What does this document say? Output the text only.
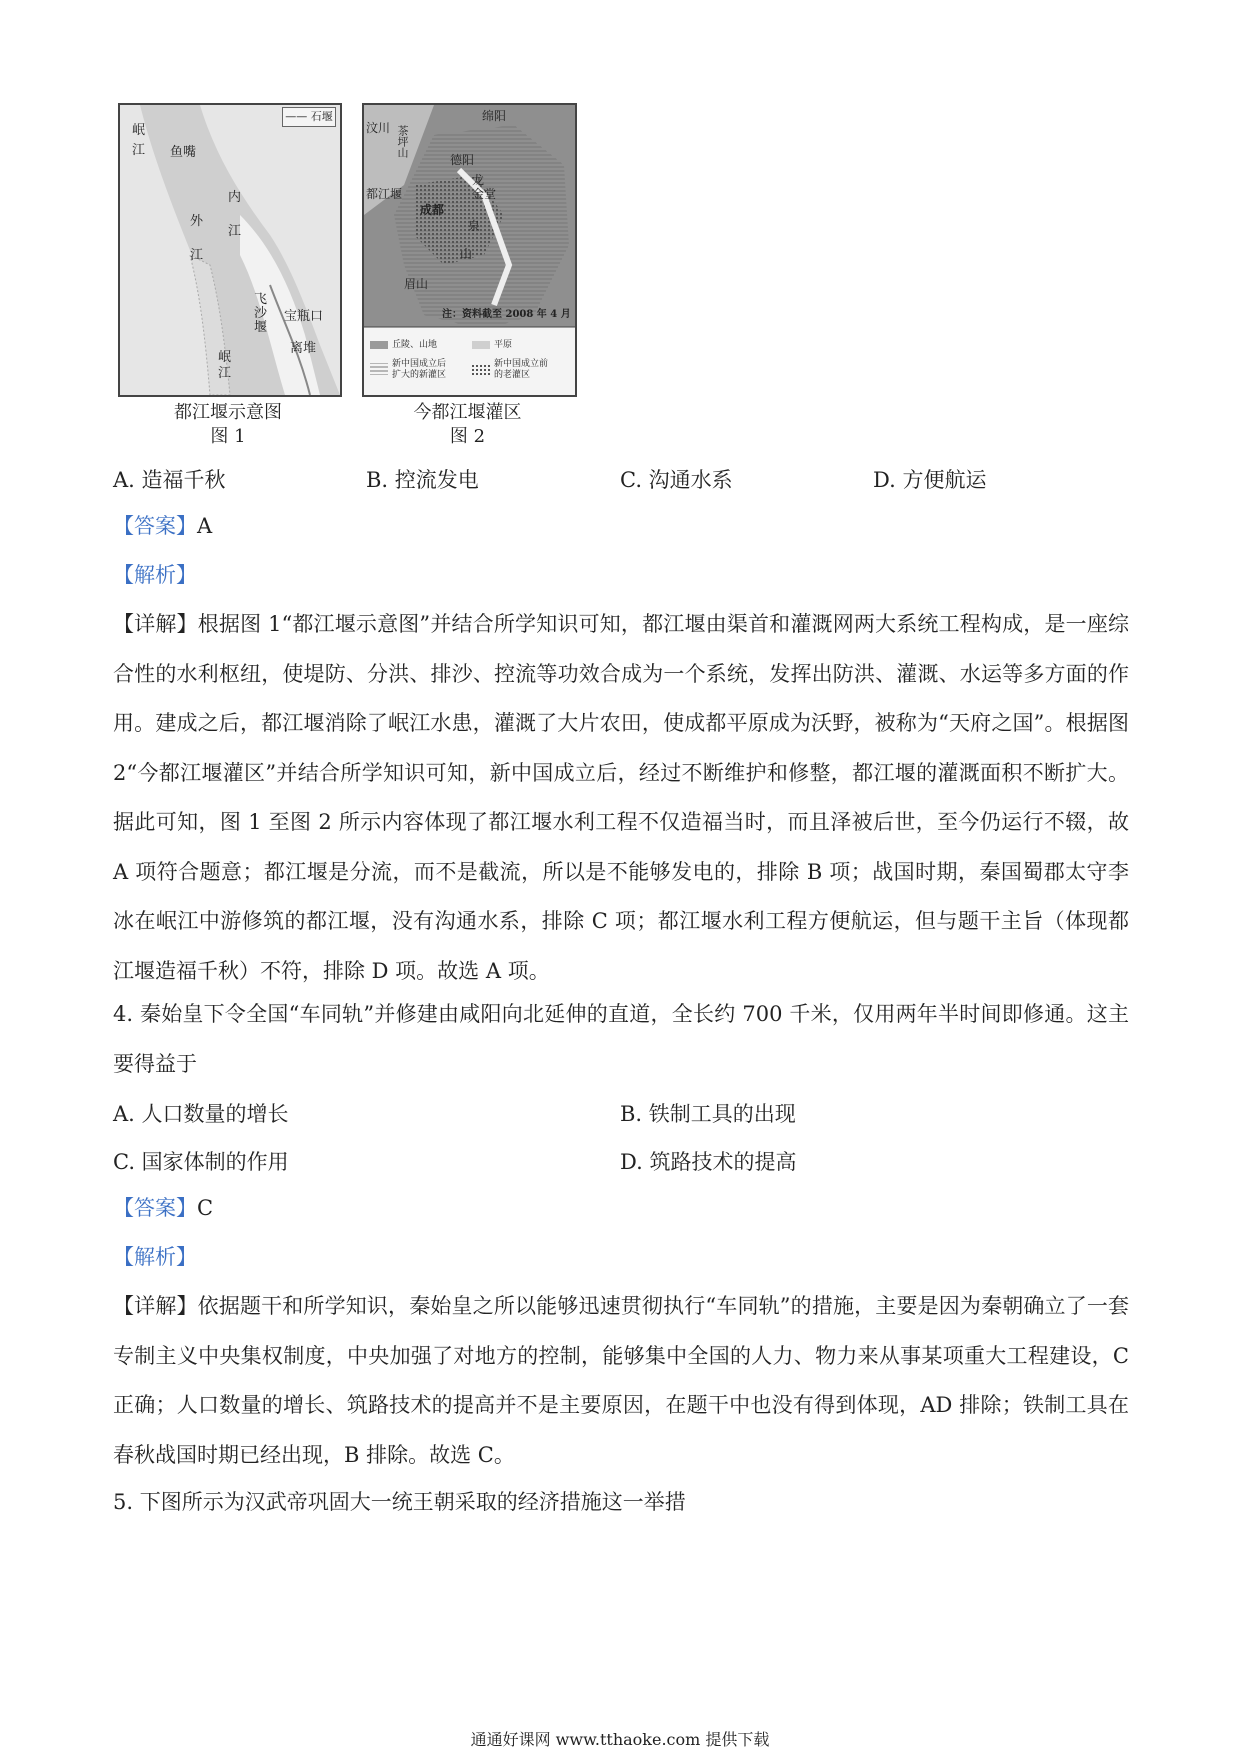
—— 石堰
岷
江 鱼嘴
内
江
外
江
飞
沙
堰
宝瓶口
离堆
岷
江
都江堰示意图
图 1
绵阳
汶川 茶坪山
德阳
龙
金堂
都江堰
成都
泉
山
眉山
注：资料截至 2008 年 4 月
丘陵、山地	平原
新中国成立后
扩大的新灌区
新中国成立前
的老灌区
今都江堰灌区
图 2
A. 造福千秋	B. 控流发电	C. 沟通水系	D. 方便航运
【答案】A
【解析】
【详解】根据图 1“都江堰示意图”并结合所学知识可知，都江堰由渠首和灌溉网两大系统工程构成，是一座综合性的水利枢纽，使堤防、分洪、排沙、控流等功效合成为一个系统，发挥出防洪、灌溉、水运等多方面的作用。建成之后，都江堰消除了岷江水患，灌溉了大片农田，使成都平原成为沃野，被称为“天府之国”。根据图 2“今都江堰灌区”并结合所学知识可知，新中国成立后，经过不断维护和修整，都江堰的灌溉面积不断扩大。据此可知，图 1 至图 2 所示内容体现了都江堰水利工程不仅造福当时，而且泽被后世，至今仍运行不辍，故 A 项符合题意；都江堰是分流，而不是截流，所以是不能够发电的，排除 B 项；战国时期，秦国蜀郡太守李冰在岷江中游修筑的都江堰，没有沟通水系，排除 C 项；都江堰水利工程方便航运，但与题干主旨（体现都江堰造福千秋）不符，排除 D 项。故选 A 项。
4. 秦始皇下令全国“车同轨”并修建由咸阳向北延伸的直道，全长约 700 千米，仅用两年半时间即修通。这主要得益于
A. 人口数量的增长	B. 铁制工具的出现
C. 国家体制的作用	D. 筑路技术的提高
【答案】C
【解析】
【详解】依据题干和所学知识，秦始皇之所以能够迅速贯彻执行“车同轨”的措施，主要是因为秦朝确立了一套专制主义中央集权制度，中央加强了对地方的控制，能够集中全国的人力、物力来从事某项重大工程建设，C 正确；人口数量的增长、筑路技术的提高并不是主要原因，在题干中也没有得到体现，AD 排除；铁制工具在春秋战国时期已经出现，B 排除。故选 C。
5. 下图所示为汉武帝巩固大一统王朝采取的经济措施这一举措
通通好课网 www.tthaoke.com 提供下载
